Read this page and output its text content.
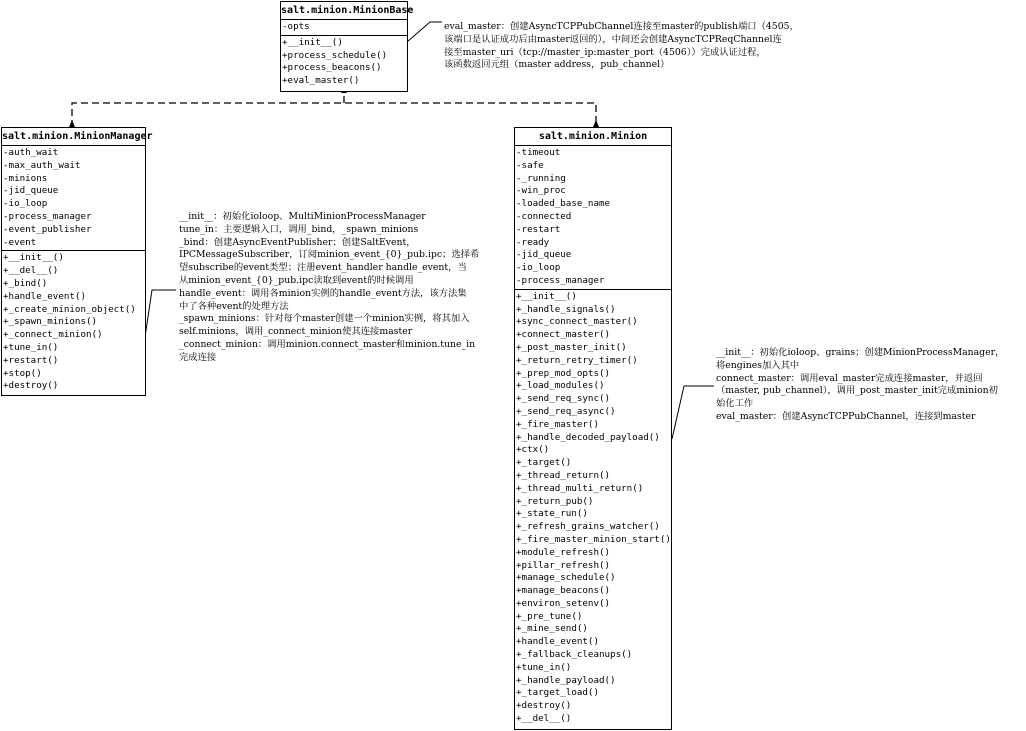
salt.minion.MinionBase
-opts
+__init__()
+process_schedule()
+process_beacons()
+eval_master()
salt.minion.MinionManager
-auth_wait
-max_auth_wait
-minions
-jid_queue
-io_loop
-process_manager
-event_publisher
-event
+__init__()
+__del__()
+_bind()
+handle_event()
+_create_minion_object()
+_spawn_minions()
+_connect_minion()
+tune_in()
+restart()
+stop()
+destroy()
salt.minion.Minion
-timeout
-safe
-_running
-win_proc
-loaded_base_name
-connected
-restart
-ready
-jid_queue
-io_loop
-process_manager
+__init__()
+_handle_signals()
+sync_connect_master()
+connect_master()
+_post_master_init()
+_return_retry_timer()
+_prep_mod_opts()
+_load_modules()
+_send_req_sync()
+_send_req_async()
+_fire_master()
+_handle_decoded_payload()
+ctx()
+_target()
+_thread_return()
+_thread_multi_return()
+_return_pub()
+_state_run()
+_refresh_grains_watcher()
+_fire_master_minion_start()
+module_refresh()
+pillar_refresh()
+manage_schedule()
+manage_beacons()
+environ_setenv()
+_pre_tune()
+_mine_send()
+handle_event()
+_fallback_cleanups()
+tune_in()
+_handle_payload()
+_target_load()
+destroy()
+__del__()
eval_master：创建AsyncTCPPubChannel连接至master的publish端口（4505，
该端口是认证成功后由master返回的），中间还会创建AsyncTCPReqChannel连
接至master_uri（tcp://master_ip:master_port（4506））完成认证过程，
该函数返回元组（master address，pub_channel）
__init__：初始化ioloop、MultiMinionProcessManager
tune_in：主要逻辑入口，调用_bind，_spawn_minions
_bind：创建AsyncEventPublisher；创建SaltEvent，
IPCMessageSubscriber，订阅minion_event_{0}_pub.ipc；选择希
望subscribe的event类型；注册event_handler handle_event，当
从minion_event_{0}_pub.ipc读取到event的时候调用
handle_event：调用各minion实例的handle_event方法，该方法集
中了各种event的处理方法
_spawn_minions：针对每个master创建一个minion实例，将其加入
self.minions，调用_connect_minion使其连接master
_connect_minion：调用minion.connect_master和minion.tune_in
完成连接	__init__：初始化ioloop、grains；创建MinionProcessManager，
将engines加入其中
connect_master：调用eval_master完成连接master，并返回
（master, pub_channel），调用_post_master_init完成minion初
始化工作
eval_master：创建AsyncTCPPubChannel，连接到master
